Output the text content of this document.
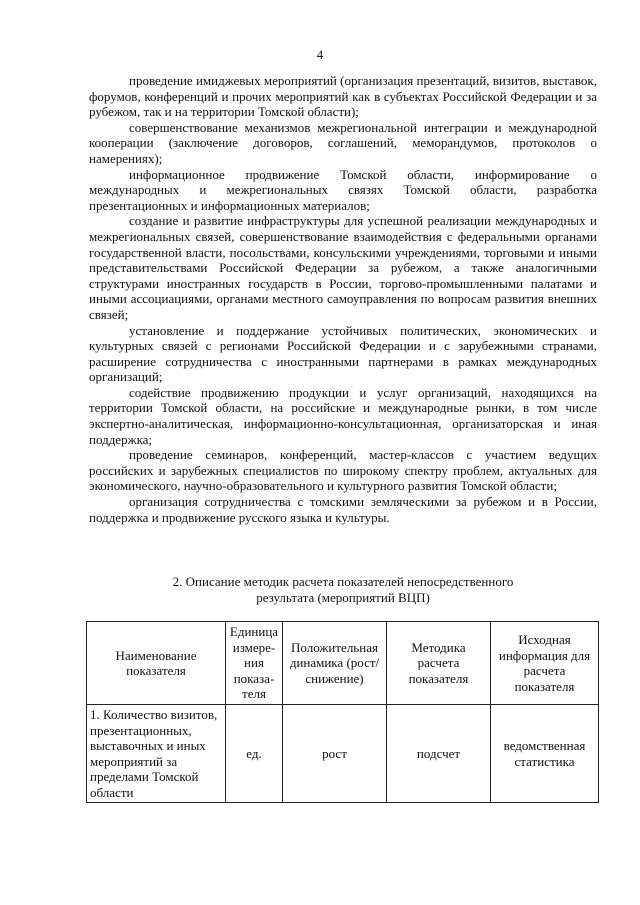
4

проведение имиджевых мероприятий (организация презентаций, визитов, выставок, форумов, конференций и прочих мероприятий как в субъектах Российской Федерации и за рубежом, так и на территории Томской области);

совершенствование механизмов межрегиональной интеграции и международной кооперации (заключение договоров, соглашений, меморандумов, протоколов о намерениях);

информационное продвижение Томской области, информирование о международных и межрегиональных связях Томской области, разработка презентационных и информационных материалов;

создание и развитие инфраструктуры для успешной реализации международных и межрегиональных связей, совершенствование взаимодействия с федеральными органами государственной власти, посольствами, консульскими учреждениями, торговыми и иными представительствами Российской Федерации за рубежом, а также аналогичными структурами иностранных государств в России, торгово-промышленными палатами и иными ассоциациями, органами местного самоуправления по вопросам развития внешних связей;

установление и поддержание устойчивых политических, экономических и культурных связей с регионами Российской Федерации и с зарубежными странами, расширение сотрудничества с иностранными партнерами в рамках международных организаций;

содействие продвижению продукции и услуг организаций, находящихся на территории Томской области, на российские и международные рынки, в том числе экспертно-аналитическая, информационно-консультационная, организаторская и иная поддержка;

проведение семинаров, конференций, мастер-классов с участием ведущих российских и зарубежных специалистов по широкому спектру проблем, актуальных для экономического, научно-образовательного и культурного развития Томской области;

организация сотрудничества с томскими земляческими за рубежом и в России, поддержка и продвижение русского языка и культуры.

2. Описание методик расчета показателей непосредственного
результата (мероприятий ВЦП)
Наименование показателя	Единица измере-ния показа-теля	Положительная динамика (рост/ снижение)	Методика расчета показателя	Исходная информация для расчета показателя
1. Количество визитов, презентационных, выставочных и иных мероприятий за пределами Томской области	ед.	рост	подсчет	ведомственная статистика
